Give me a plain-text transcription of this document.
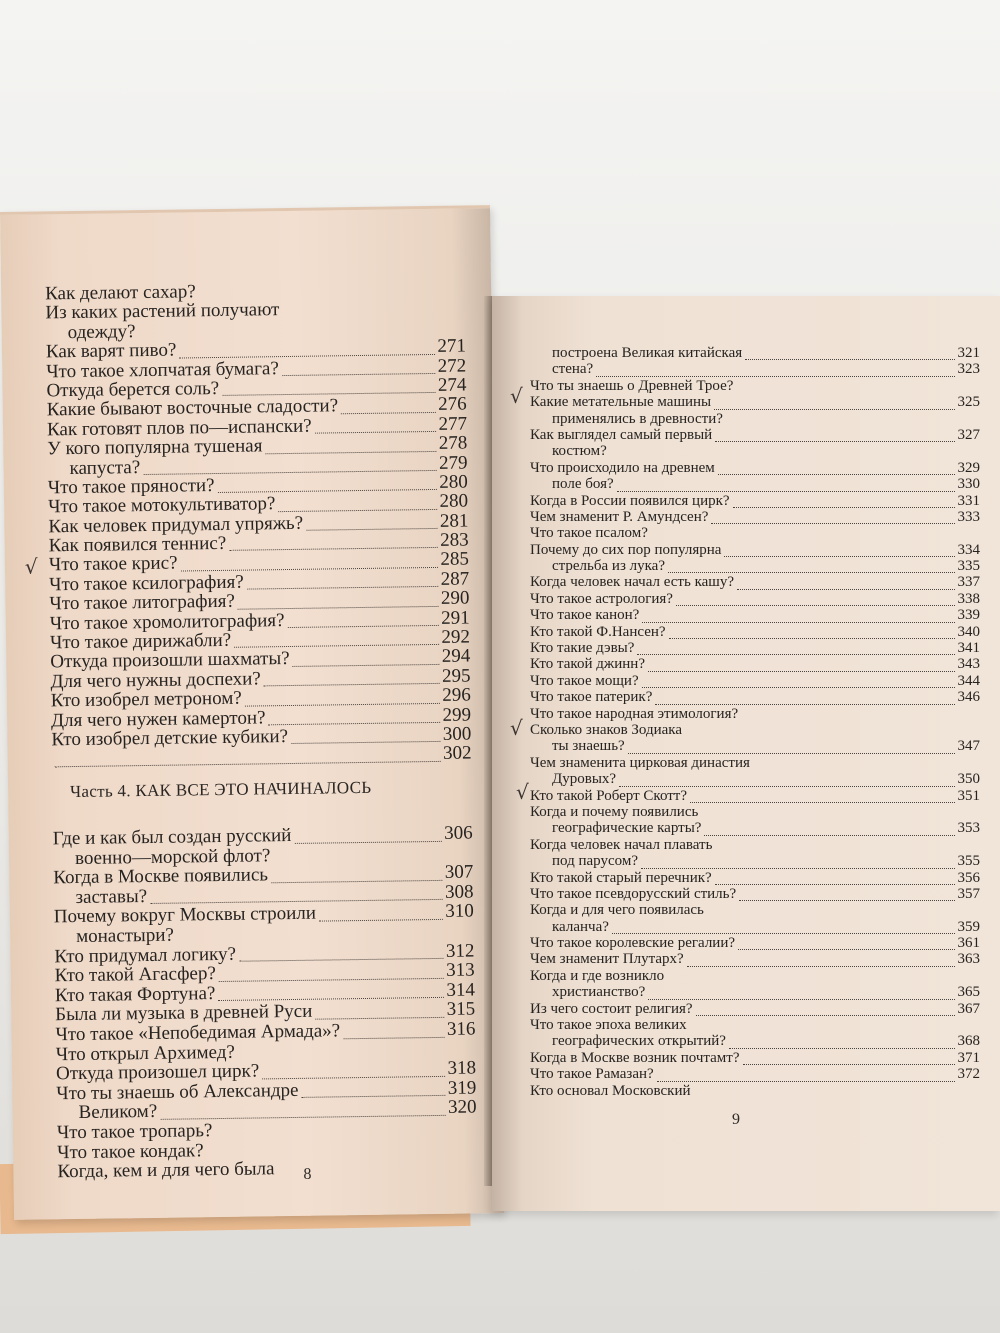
Как делают сахар?
Из каких растений получают
одежду?
Как варят пиво?	271
Что такое хлопчатая бумага?	272
Откуда берется соль?	274
Какие бывают восточные сладости?	276
Как готовят плов по—испански?	277
У кого популярна тушеная	278
капуста?	279
Что такое пряности?	280
Что такое мотокультиватор?	280
Как человек придумал упряжь?	281
Как появился теннис?	283
Что такое крис?	285
Что такое ксилография?	287
Что такое литография?	290
Что такое хромолитография?	291
Что такое дирижабли?	292
Откуда произошли шахматы?	294
Для чего нужны доспехи?	295
Кто изобрел метроном?	296
Для чего нужен камертон?	299
Кто изобрел детские кубики?	300
302
Часть 4. КАК ВСЕ ЭТО НАЧИНАЛОСЬ
Где и как был создан русский	306
военно—морской флот?
Когда в Москве появились	307
заставы?	308
Почему вокруг Москвы строили	310
монастыри?
Кто придумал логику?	312
Кто такой Агасфер?	313
Кто такая Фортуна?	314
Была ли музыка в древней Руси	315
Что такое «Непобедимая Армада»?	316
Что открыл Архимед?
Откуда произошел цирк?	318
Что ты знаешь об Александре	319
Великом?	320
Что такое тропарь?
Что такое кондак?
Когда, кем и для чего была 8
√
построена Великая китайская	321
стена?	323
Что ты знаешь о Древней Трое?
Какие метательные машины	325
применялись в древности?
Как выглядел самый первый	327
костюм?
Что происходило на древнем	329
поле боя?	330
Когда в России появился цирк?	331
Чем знаменит Р. Амундсен?	333
Что такое псалом?
Почему до сих пор популярна	334
стрельба из лука?	335
Когда человек начал есть кашу?	337
Что такое астрология?	338
Что такое канон?	339
Кто такой Ф.Нансен?	340
Кто такие дэвы?	341
Кто такой джинн?	343
Что такое мощи?	344
Что такое патерик?	346
Что такое народная этимология?
Сколько знаков Зодиака
ты знаешь?	347
Чем знаменита цирковая династия
Дуровых?	350
Кто такой Роберт Скотт?	351
Когда и почему появились
географические карты?	353
Когда человек начал плавать
под парусом?	355
Кто такой старый перечник?	356
Что такое псевдорусский стиль?	357
Когда и для чего появилась
каланча?	359
Что такое королевские регалии?	361
Чем знаменит Плутарх?	363
Когда и где возникло
христианство?	365
Из чего состоит религия?	367
Что такое эпоха великих
географических открытий?	368
Когда в Москве возник почтамт?	371
Что такое Рамазан?	372
Кто основал Московский
9
√
√
√
